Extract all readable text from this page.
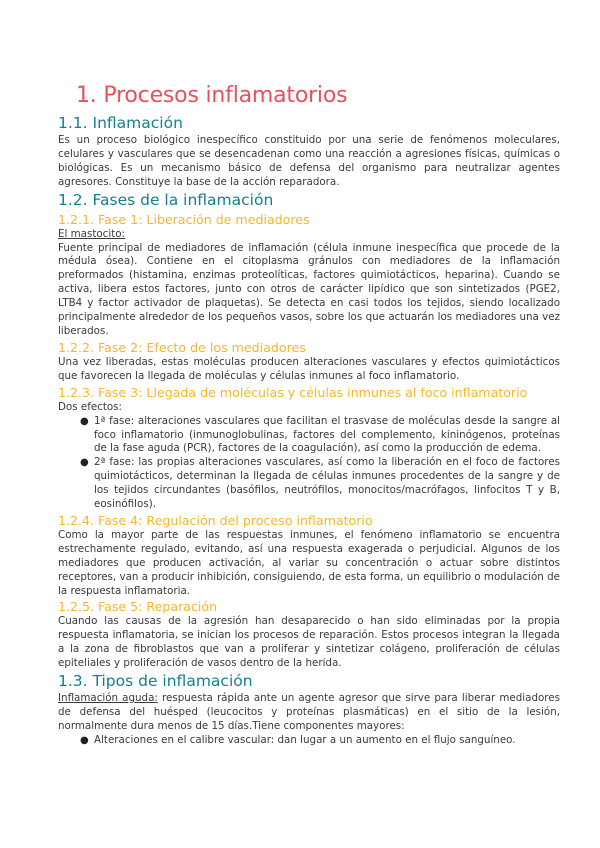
1. Procesos inflamatorios
1.1. Inflamación

Es un proceso biológico inespecífico constituido por una serie de fenómenos moleculares, celulares y vasculares que se desencadenan como una reacción a agresiones físicas, químicas o biológicas. Es un mecanismo básico de defensa del organismo para neutralizar agentes agresores. Constituye la base de la acción reparadora.

1.2. Fases de la inflamación
1.2.1. Fase 1: Liberación de mediadores

El mastocito:

Fuente principal de mediadores de inflamación (célula inmune inespecífica que procede de la médula ósea). Contiene en el citoplasma gránulos con mediadores de la inflamación preformados (histamina, enzimas proteolíticas, factores quimiotácticos, heparina). Cuando se activa, libera estos factores, junto con otros de carácter lipídico que son sintetizados (PGE2, LTB4 y factor activador de plaquetas). Se detecta en casi todos los tejidos, siendo localizado principalmente alrededor de los pequeños vasos, sobre los que actuarán los mediadores una vez liberados.

1.2.2. Fase 2: Efecto de los mediadores

Una vez liberadas, estas moléculas producen alteraciones vasculares y efectos quimiotácticos que favorecen la llegada de moléculas y células inmunes al foco inflamatorio.

1.2.3. Fase 3: Llegada de moléculas y células inmunes al foco inflamatorio

Dos efectos:

● 1ª fase: alteraciones vasculares que facilitan el trasvase de moléculas desde la sangre al foco inflamatorio (inmunoglobulinas, factores del complemento, kininógenos, proteínas de la fase aguda (PCR), factores de la coagulación), así como la producción de edema.
● 2ª fase: las propias alteraciones vasculares, así como la liberación en el foco de factores quimiotácticos, determinan la llegada de células inmunes procedentes de la sangre y de los tejidos circundantes (basófilos, neutrófilos, monocitos/macrófagos, linfocitos T y B, eosinófilos).
1.2.4. Fase 4: Regulación del proceso inflamatorio

Como la mayor parte de las respuestas inmunes, el fenómeno inflamatorio se encuentra estrechamente regulado, evitando, así una respuesta exagerada o perjudicial. Algunos de los mediadores que producen activación, al variar su concentración o actuar sobre distintos receptores, van a producir inhibición, consiguiendo, de esta forma, un equilibrio o modulación de la respuesta inflamatoria.

1.2.5. Fase 5: Reparación

Cuando las causas de la agresión han desaparecido o han sido eliminadas por la propia respuesta inflamatoria, se inician los procesos de reparación. Estos procesos integran la llegada a la zona de fibroblastos que van a proliferar y sintetizar colágeno, proliferación de células epiteliales y proliferación de vasos dentro de la herida.

1.3. Tipos de inflamación

Inflamación aguda: respuesta rápida ante un agente agresor que sirve para liberar mediadores de defensa del huésped (leucocitos y proteínas plasmáticas) en el sitio de la lesión, normalmente dura menos de 15 días.Tiene componentes mayores:

● Alteraciones en el calibre vascular: dan lugar a un aumento en el flujo sanguíneo.
